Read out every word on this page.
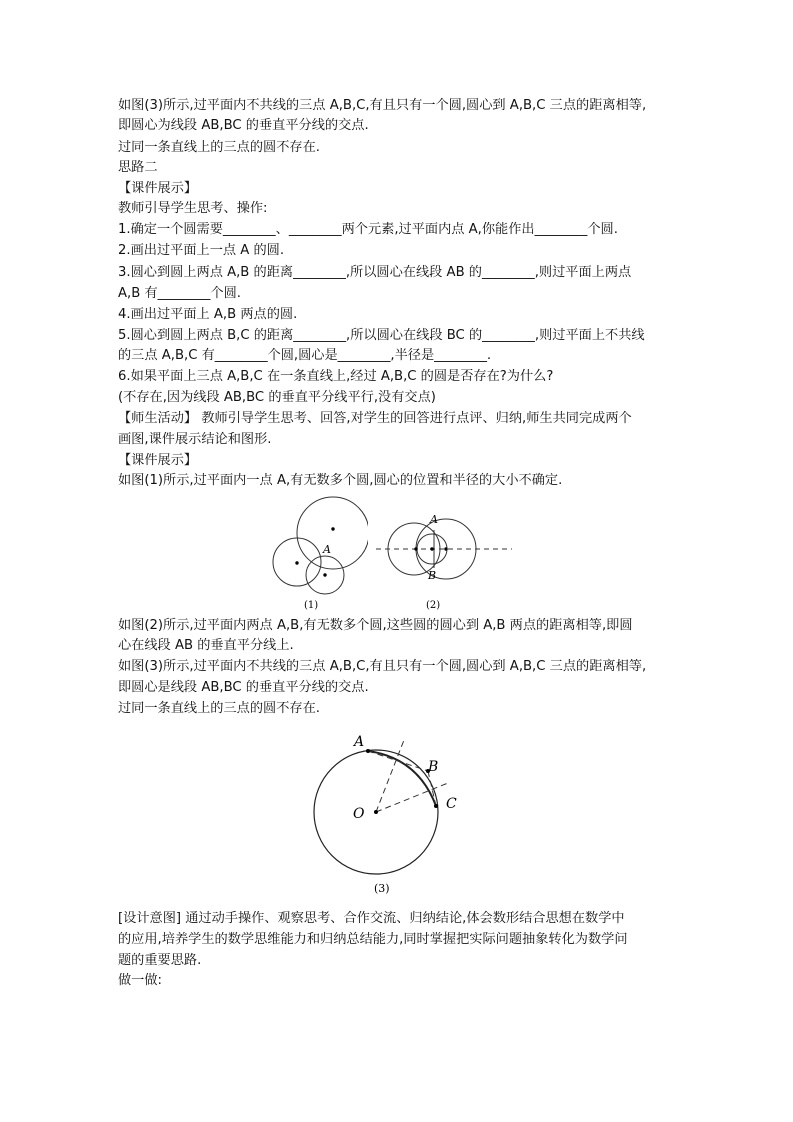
如图(3)所示,过平面内不共线的三点 A,B,C,有且只有一个圆,圆心到 A,B,C 三点的距离相等,
即圆心为线段 AB,BC 的垂直平分线的交点.
过同一条直线上的三点的圆不存在.
思路二
【课件展示】
教师引导学生思考、操作:
1.确定一个圆需要________、________两个元素,过平面内点 A,你能作出________个圆.
2.画出过平面上一点 A 的圆.
3.圆心到圆上两点 A,B 的距离________,所以圆心在线段 AB 的________,则过平面上两点
A,B 有________个圆.
4.画出过平面上 A,B 两点的圆.
5.圆心到圆上两点 B,C 的距离________,所以圆心在线段 BC 的________,则过平面上不共线
的三点 A,B,C 有________个圆,圆心是________,半径是________.
6.如果平面上三点 A,B,C 在一条直线上,经过 A,B,C 的圆是否存在?为什么?
(不存在,因为线段 AB,BC 的垂直平分线平行,没有交点)
【师生活动】 教师引导学生思考、回答,对学生的回答进行点评、归纳,师生共同完成两个
画图,课件展示结论和图形.
【课件展示】
如图(1)所示,过平面内一点 A,有无数多个圆,圆心的位置和半径的大小不确定.
A
(1)
A
B
(2)
如图(2)所示,过平面内两点 A,B,有无数多个圆,这些圆的圆心到 A,B 两点的距离相等,即圆
心在线段 AB 的垂直平分线上.
如图(3)所示,过平面内不共线的三点 A,B,C,有且只有一个圆,圆心到 A,B,C 三点的距离相等,
即圆心是线段 AB,BC 的垂直平分线的交点.
过同一条直线上的三点的圆不存在.
A
B
C
O
(3)
[设计意图] 通过动手操作、观察思考、合作交流、归纳结论,体会数形结合思想在数学中
的应用,培养学生的数学思维能力和归纳总结能力,同时掌握把实际问题抽象转化为数学问
题的重要思路.
做一做:
